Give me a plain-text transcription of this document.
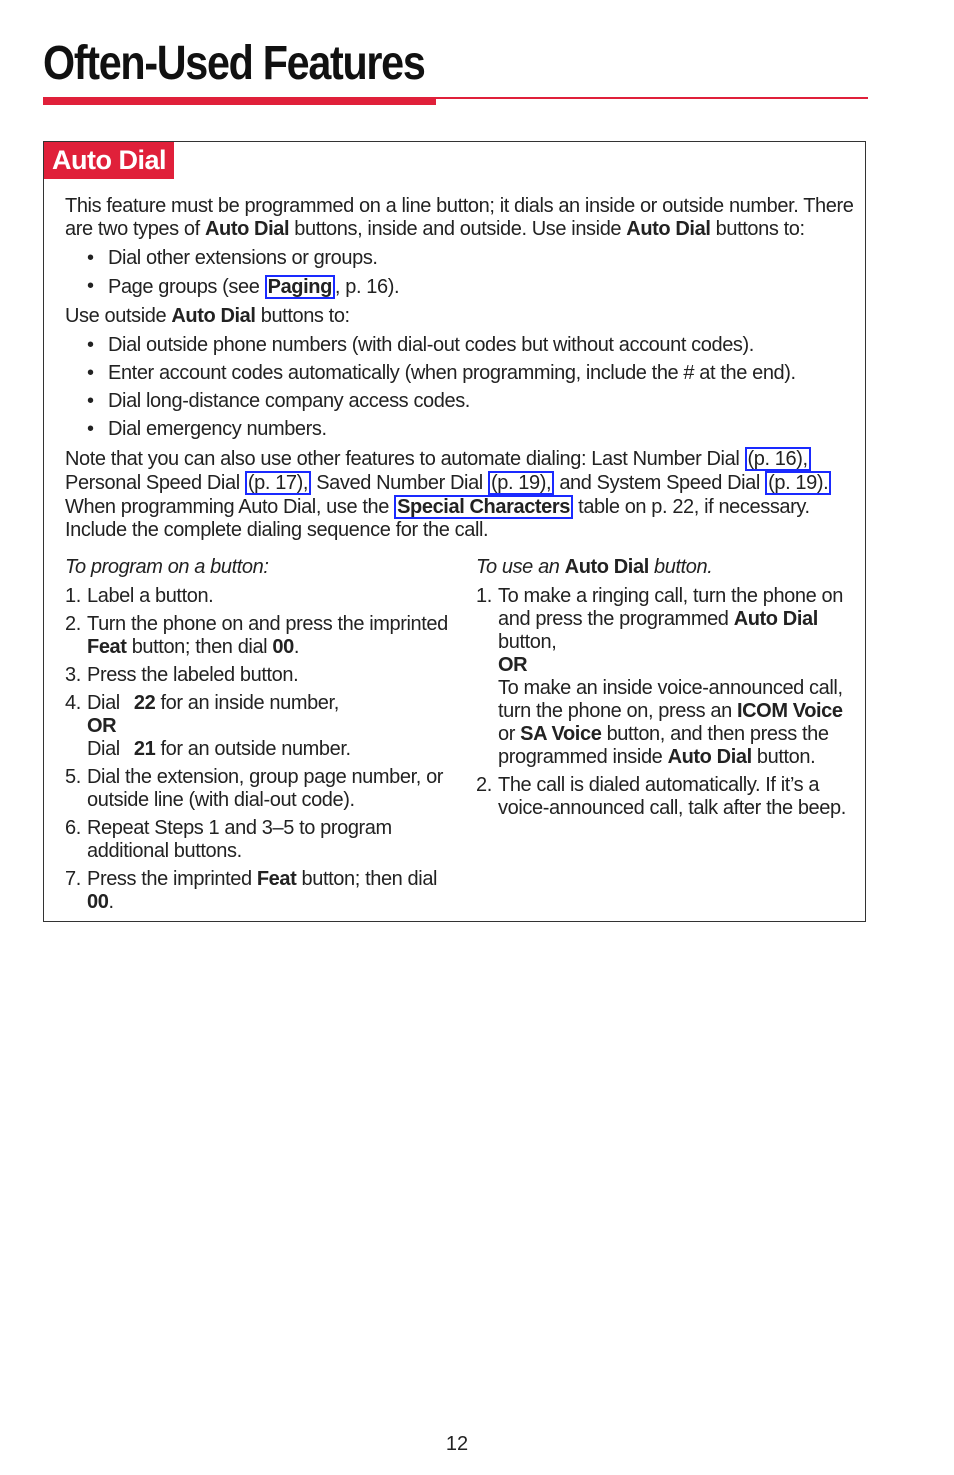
Often-Used Features
Auto Dial

This feature must be programmed on a line button; it dials an inside or outside number. There are two types of Auto Dial buttons, inside and outside. Use inside Auto Dial buttons to:

• Dial other extensions or groups.
• Page groups (see Paging , p. 16).

Use outside Auto Dial buttons to:

• Dial outside phone numbers (with dial-out codes but without account codes).
• Enter account codes automatically (when programming, include the # at the end).
• Dial long-distance company access codes.
• Dial emergency numbers.

Note that you can also use other features to automate dialing: Last Number Dial (p. 16), Personal Speed Dial (p. 17), Saved Number Dial (p. 19), and System Speed Dial (p. 19). When programming Auto Dial, use the Special Characters table on p. 22, if necessary. Include the complete dialing sequence for the call.

To program on a button:
1. Label a button.
2. Turn the phone on and press the imprinted Feat button; then dial 00.
3. Press the labeled button.
4. Dial 22 for an inside number,
OR
Dial 21 for an outside number.
5. Dial the extension, group page number, or outside line (with dial-out code).
6. Repeat Steps 1 and 3–5 to program additional buttons.
7. Press the imprinted Feat button; then dial
00.
To use an Auto Dial button.
1. To make a ringing call, turn the phone on and press the programmed Auto Dial button,
OR
To make an inside voice-announced call, turn the phone on, press an ICOM Voice or SA Voice button, and then press the programmed inside Auto Dial button.
2. The call is dialed automatically. If it’s a voice-announced call, talk after the beep.
12
